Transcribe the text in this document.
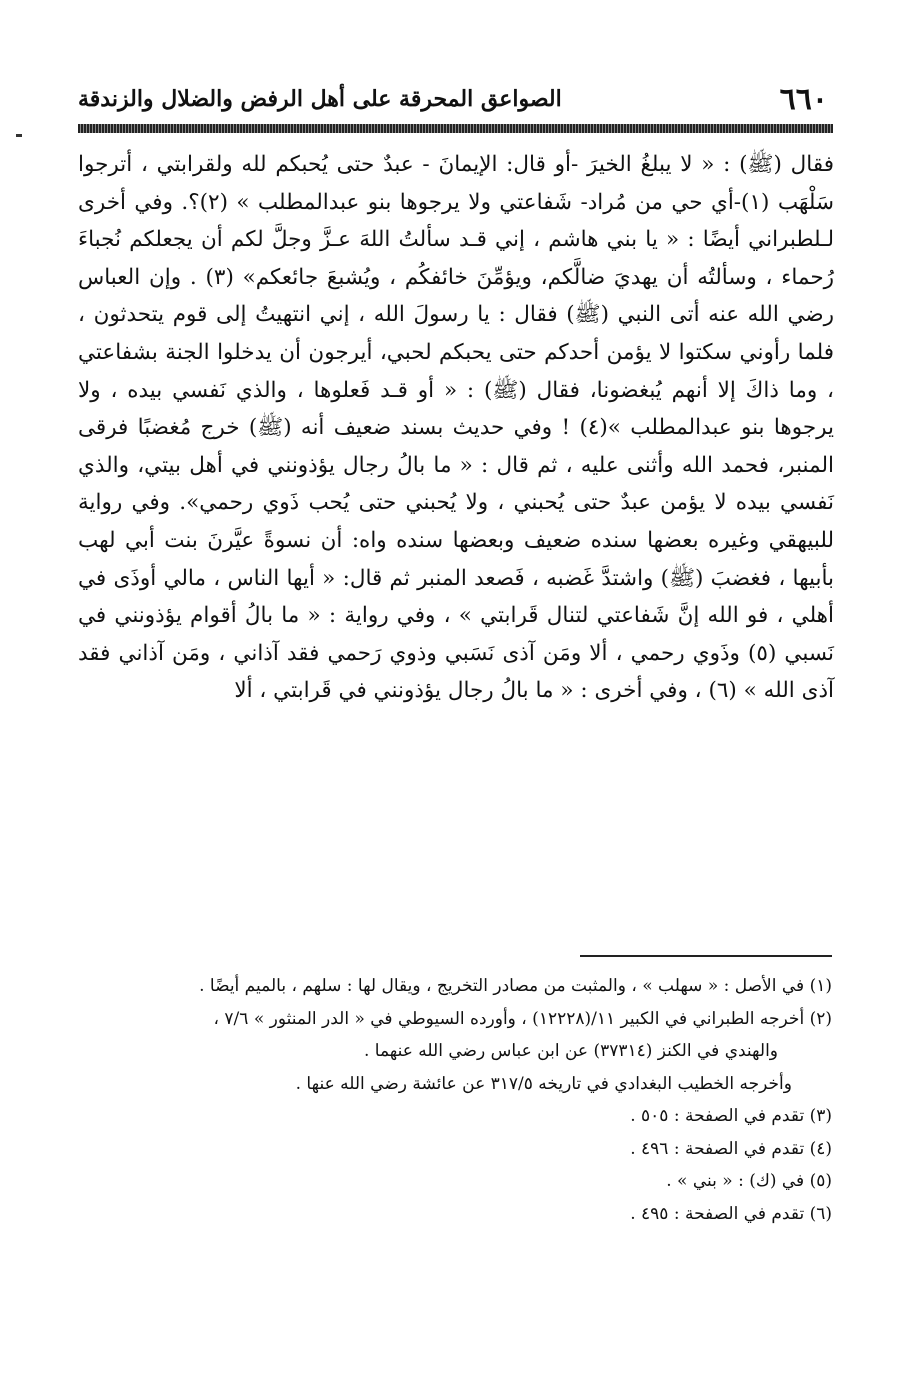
٦٦٠
الصواعق المحرقة على أهل الرفض والضلال والزندقة

فقال (ﷺ) : « لا يبلغُ الخيرَ -أو قال: الإيمانَ - عبدٌ حتى يُحبكم لله ولقرابتي ، أترجوا سَلْهَب (١)-أي حي من مُراد- شَفاعتي ولا يرجوها بنو عبدالمطلب » (٢)؟. وفي أخرى لـلطبراني أيضًا : « يا بني هاشم ، إني قـد سألتُ اللهَ عـزَّ وجلَّ لكم أن يجعلكم نُجباءَ رُحماء ، وسألتُه أن يهديَ ضالَّكم، ويؤمِّنَ خائفكُم ، ويُشبعَ جائعكم» (٣) . وإن العباس رضي الله عنه أتى النبي (ﷺ) فقال : يا رسولَ الله ، إني انتهيتُ إلى قوم يتحدثون ، فلما رأوني سكتوا لا يؤمن أحدكم حتى يحبكم لحبي، أيرجون أن يدخلوا الجنة بشفاعتي ، وما ذاكَ إلا أنهم يُبغضونا، فقال (ﷺ) : « أو قـد فَعلوها ، والذي نَفسي بيده ، ولا يرجوها بنو عبدالمطلب »(٤) ! وفي حديث بسند ضعيف أنه (ﷺ) خرج مُغضبًا فرقى المنبر، فحمد الله وأثنى عليه ، ثم قال : « ما بالُ رجال يؤذونني في أهل بيتي، والذي نَفسي بيده لا يؤمن عبدٌ حتى يُحبني ، ولا يُحبني حتى يُحب ذَوي رحمي». وفي رواية للبيهقي وغيره بعضها سنده ضعيف وبعضها سنده واه: أن نسوةً عيَّرنَ بنت أبي لهب بأبيها ، فغضبَ (ﷺ) واشتدَّ غَضبه ، فَصعد المنبر ثم قال: « أيها الناس ، مالي أوذَى في أهلي ، فو الله إنَّ شَفاعتي لتنال قَرابتي » ، وفي رواية : « ما بالُ أقوام يؤذونني في نَسبي (٥) وذَوي رحمي ، ألا ومَن آذى نَسَبي وذوي رَحمي فقد آذاني ، ومَن آذاني فقد آذى الله » (٦) ، وفي أخرى : « ما بالُ رجال يؤذونني في قَرابتي ، ألا

(١) في الأصل : « سهلب » ، والمثبت من مصادر التخريج ، ويقال لها : سلهم ، بالميم أيضًا .

(٢) أخرجه الطبراني في الكبير ١١/(١٢٢٢٨) ، وأورده السيوطي في « الدر المنثور » ٧/٦ ،

والهندي في الكنز (٣٧٣١٤) عن ابن عباس رضي الله عنهما .

وأخرجه الخطيب البغدادي في تاريخه ٣١٧/٥ عن عائشة رضي الله عنها .

(٣) تقدم في الصفحة : ٥٠٥ .

(٤) تقدم في الصفحة : ٤٩٦ .

(٥) في (ك) : « بني » .

(٦) تقدم في الصفحة : ٤٩٥ .
